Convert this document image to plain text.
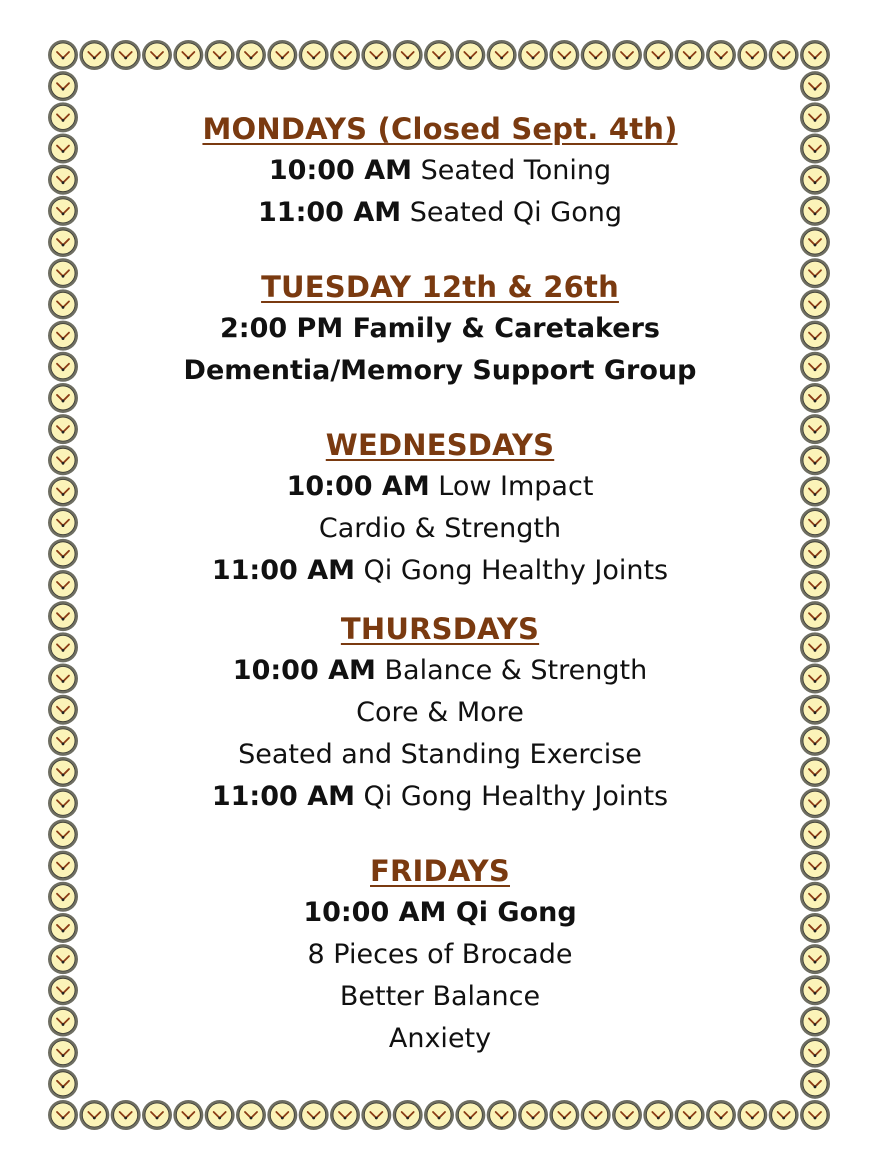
MONDAYS (Closed Sept. 4th)

10:00 AM Seated Toning

11:00 AM Seated Qi Gong

TUESDAY 12th & 26th

2:00 PM Family & Caretakers

Dementia/Memory Support Group

WEDNESDAYS

10:00 AM Low Impact

Cardio & Strength

11:00 AM Qi Gong Healthy Joints

THURSDAYS

10:00 AM Balance & Strength

Core & More

Seated and Standing Exercise

11:00 AM Qi Gong Healthy Joints

FRIDAYS

10:00 AM Qi Gong

8 Pieces of Brocade

Better Balance

Anxiety
